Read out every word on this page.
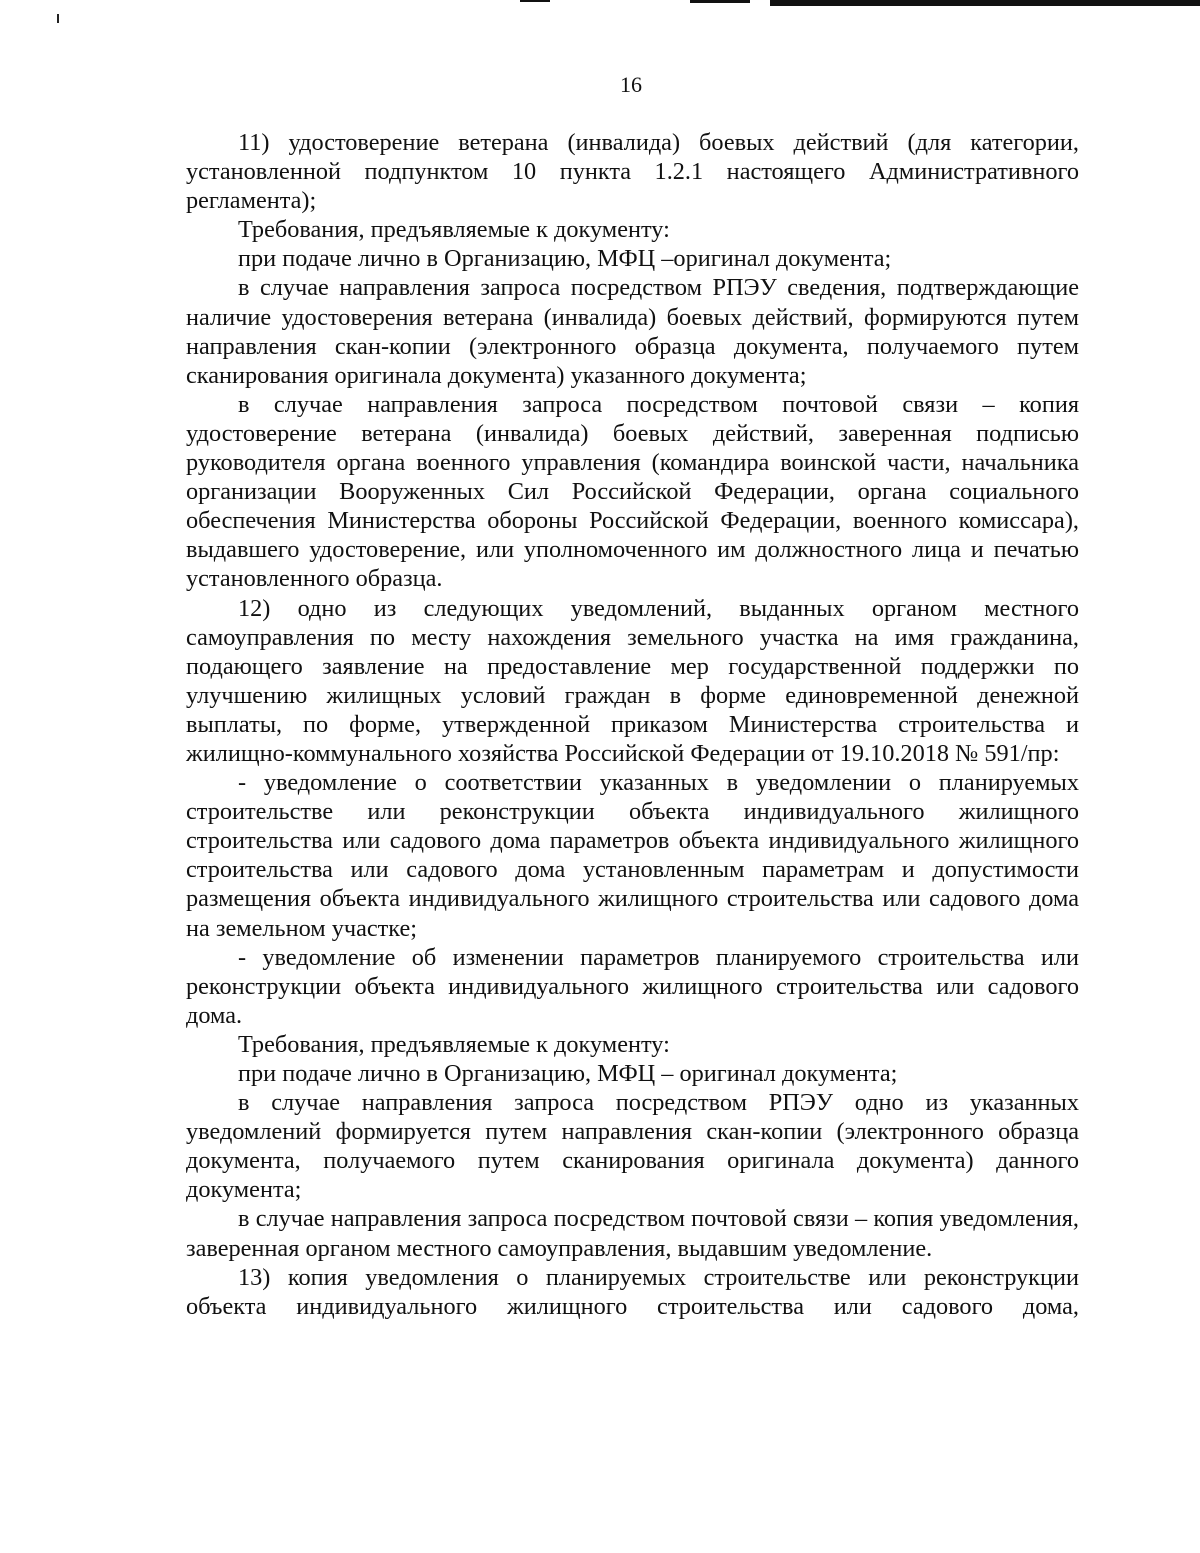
16

11) удостоверение ветерана (инвалида) боевых действий (для категории, установленной подпунктом 10 пункта 1.2.1 настоящего Административного регламента);

Требования, предъявляемые к документу:

при подаче лично в Организацию, МФЦ –оригинал документа;

в случае направления запроса посредством РПЭУ сведения, подтверждающие наличие удостоверения ветерана (инвалида) боевых действий, формируются путем направления скан-копии (электронного образца документа, получаемого путем сканирования оригинала документа) указанного документа;

в случае направления запроса посредством почтовой связи – копия удостоверение ветерана (инвалида) боевых действий, заверенная подписью руководителя органа военного управления (командира воинской части, начальника организации Вооруженных Сил Российской Федерации, органа социального обеспечения Министерства обороны Российской Федерации, военного комиссара), выдавшего удостоверение, или уполномоченного им должностного лица и печатью установленного образца.

12) одно из следующих уведомлений, выданных органом местного самоуправления по месту нахождения земельного участка на имя гражданина, подающего заявление на предоставление мер государственной поддержки по улучшению жилищных условий граждан в форме единовременной денежной выплаты, по форме, утвержденной приказом Министерства строительства и жилищно-коммунального хозяйства Российской Федерации от 19.10.2018 № 591/пр:

- уведомление о соответствии указанных в уведомлении о планируемых строительстве или реконструкции объекта индивидуального жилищного строительства или садового дома параметров объекта индивидуального жилищного строительства или садового дома установленным параметрам и допустимости размещения объекта индивидуального жилищного строительства или садового дома на земельном участке;

- уведомление об изменении параметров планируемого строительства или реконструкции объекта индивидуального жилищного строительства или садового дома.

Требования, предъявляемые к документу:

при подаче лично в Организацию, МФЦ – оригинал документа;

в случае направления запроса посредством РПЭУ одно из указанных уведомлений формируется путем направления скан-копии (электронного образца документа, получаемого путем сканирования оригинала документа) данного документа;

в случае направления запроса посредством почтовой связи – копия уведомления, заверенная органом местного самоуправления, выдавшим уведомление.

13) копия уведомления о планируемых строительстве или реконструкции объекта индивидуального жилищного строительства или садового дома,
